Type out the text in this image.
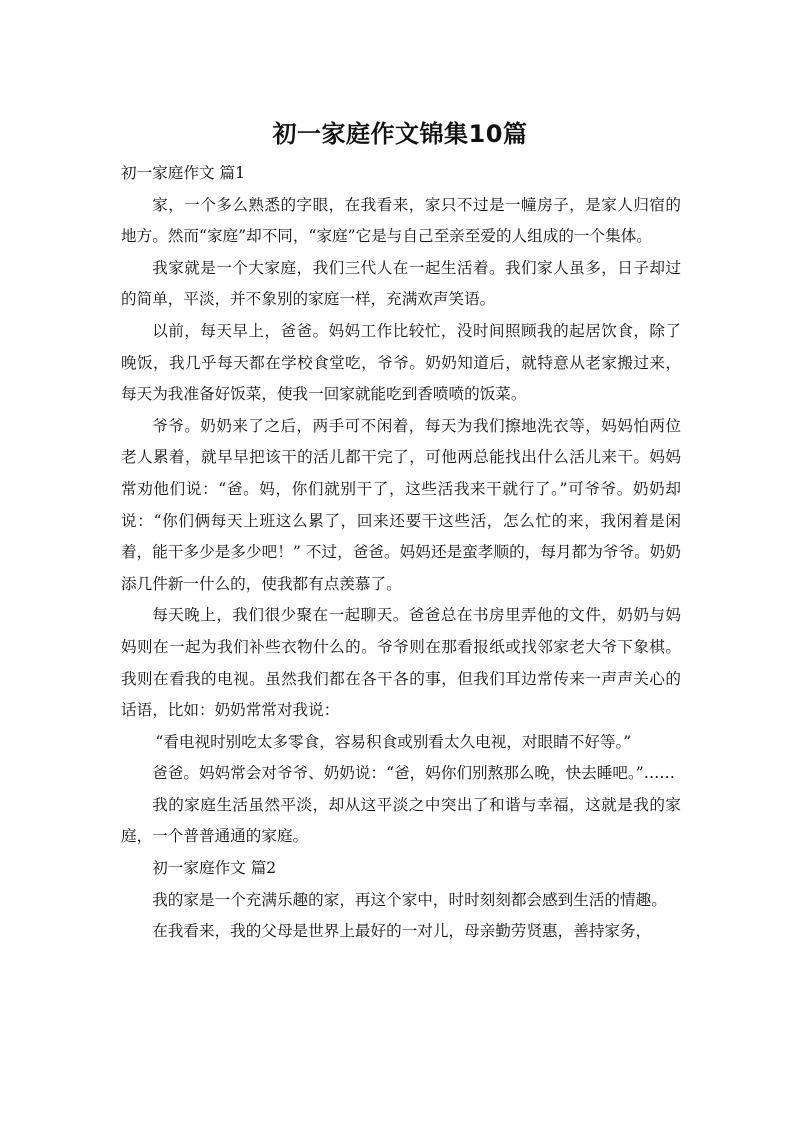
初一家庭作文锦集10篇

初一家庭作文 篇1

家，一个多么熟悉的字眼，在我看来，家只不过是一幢房子，是家人归宿的地方。然而“家庭”却不同，“家庭”它是与自己至亲至爱的人组成的一个集体。

我家就是一个大家庭，我们三代人在一起生活着。我们家人虽多，日子却过的简单，平淡，并不象别的家庭一样，充满欢声笑语。

以前，每天早上，爸爸。妈妈工作比较忙，没时间照顾我的起居饮食，除了晚饭，我几乎每天都在学校食堂吃，爷爷。奶奶知道后，就特意从老家搬过来，每天为我准备好饭菜，使我一回家就能吃到香喷喷的饭菜。

爷爷。奶奶来了之后，两手可不闲着，每天为我们擦地洗衣等，妈妈怕两位老人累着，就早早把该干的活儿都干完了，可他两总能找出什么活儿来干。妈妈常劝他们说：“爸。妈，你们就别干了，这些活我来干就行了。”可爷爷。奶奶却说：“你们俩每天上班这么累了，回来还要干这些活，怎么忙的来，我闲着是闲着，能干多少是多少吧！” 不过，爸爸。妈妈还是蛮孝顺的，每月都为爷爷。奶奶添几件新一什么的，使我都有点羡慕了。

每天晚上，我们很少聚在一起聊天。爸爸总在书房里弄他的文件，奶奶与妈妈则在一起为我们补些衣物什么的。爷爷则在那看报纸或找邻家老大爷下象棋。我则在看我的电视。虽然我们都在各干各的事，但我们耳边常传来一声声关心的话语，比如：奶奶常常对我说：

“看电视时别吃太多零食，容易积食或别看太久电视，对眼睛不好等。”

爸爸。妈妈常会对爷爷、奶奶说：“爸，妈你们别熬那么晚，快去睡吧。”……

我的家庭生活虽然平淡，却从这平淡之中突出了和谐与幸福，这就是我的家庭，一个普普通通的家庭。

初一家庭作文 篇2

我的家是一个充满乐趣的家，再这个家中，时时刻刻都会感到生活的情趣。

在我看来，我的父母是世界上最好的一对儿，母亲勤劳贤惠，善持家务，
